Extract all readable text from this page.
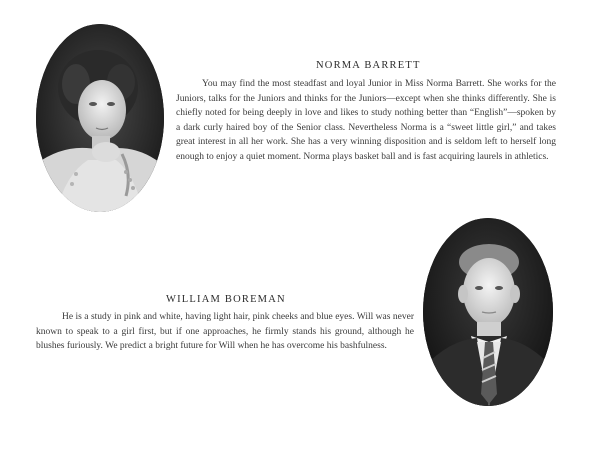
NORMA BARRETT

You may find the most steadfast and loyal Junior in Miss Norma Barrett. She works for the Juniors, talks for the Juniors and thinks for the Juniors—except when she thinks differently. She is chiefly noted for being deeply in love and likes to study nothing better than “English”—spoken by a dark curly haired boy of the Senior class. Nevertheless Norma is a “sweet little girl,” and takes great interest in all her work. She has a very winning disposition and is seldom left to herself long enough to enjoy a quiet moment. Norma plays basket ball and is fast acquiring laurels in athletics.

WILLIAM BOREMAN

He is a study in pink and white, having light hair, pink cheeks and blue eyes. Will was never known to speak to a girl first, but if one approaches, he firmly stands his ground, although he blushes furiously. We predict a bright future for Will when he has overcome his bashfulness.
